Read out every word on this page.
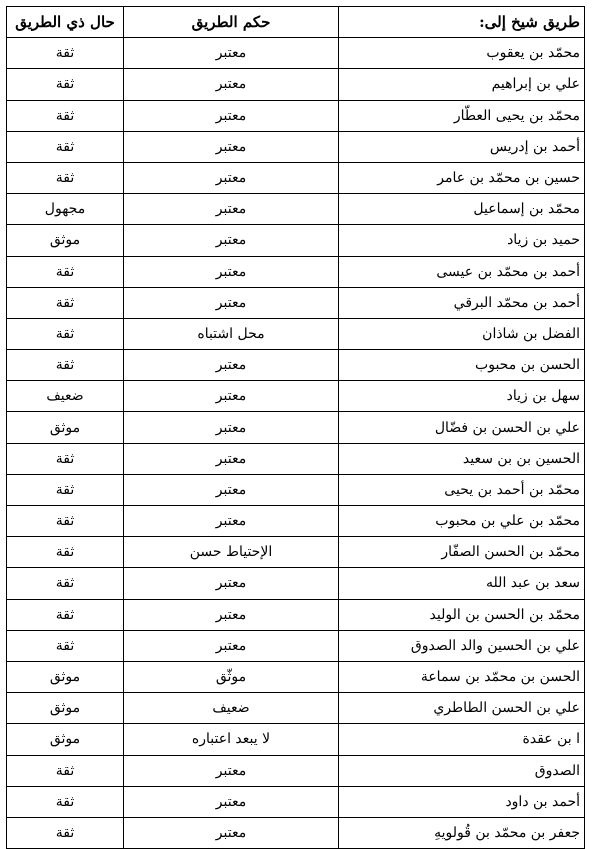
طريق شيخ إلى:	حكم الطريق	حال ذي الطريق
محمّد بن يعقوب	معتبر	ثقة
علي بن إبراهيم	معتبر	ثقة
محمّد بن يحيى العطّار	معتبر	ثقة
أحمد بن إدريس	معتبر	ثقة
حسين بن محمّد بن عامر	معتبر	ثقة
محمّد بن إسماعيل	معتبر	مجهول
حميد بن زياد	معتبر	موثق
أحمد بن محمّد بن عيسى	معتبر	ثقة
أحمد بن محمّد البرقي	معتبر	ثقة
الفضل بن شاذان	محل اشتباه	ثقة
الحسن بن محبوب	معتبر	ثقة
سهل بن زياد	معتبر	ضعيف
علي بن الحسن بن فضّال	معتبر	موثق
الحسين بن بن سعيد	معتبر	ثقة
محمّد بن أحمد بن يحيى	معتبر	ثقة
محمّد بن علي بن محبوب	معتبر	ثقة
محمّد بن الحسن الصفّار	الإحتياط حسن	ثقة
سعد بن عبد الله	معتبر	ثقة
محمّد بن الحسن بن الوليد	معتبر	ثقة
علي بن الحسين والد الصدوق	معتبر	ثقة
الحسن بن محمّد بن سماعة	موثّق	موثق
علي بن الحسن الطاطري	ضعيف	موثق
ا بن عقدة	لا يبعد اعتباره	موثق
الصدوق	معتبر	ثقة
أحمد بن داود	معتبر	ثقة
جعفر بن محمّد بن قُولويهِ	معتبر	ثقة
